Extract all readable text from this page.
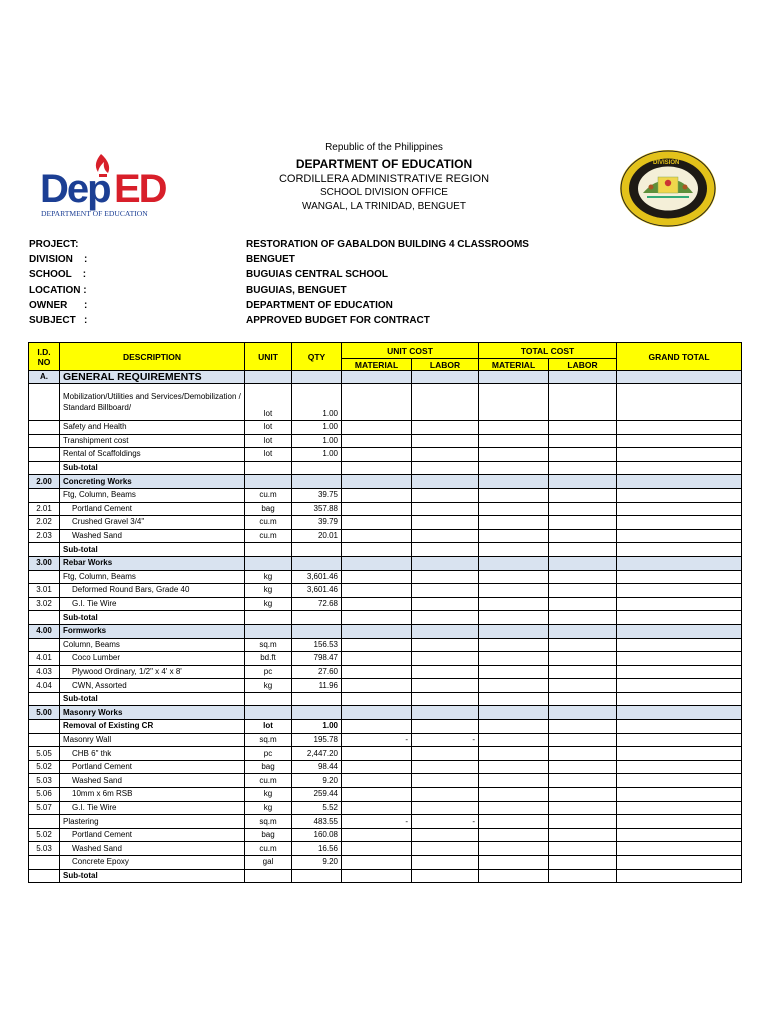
Dep ED
DEPARTMENT OF EDUCATION
DIVISION
Republic of the Philippines
DEPARTMENT OF EDUCATION
CORDILLERA ADMINISTRATIVE REGION
SCHOOL DIVISION OFFICE
WANGAL, LA TRINIDAD, BENGUET
PROJECT:	RESTORATION OF GABALDON BUILDING 4 CLASSROOMS
DIVISION    :	BENGUET
SCHOOL    :	BUGUIAS CENTRAL SCHOOL
LOCATION :	BUGUIAS, BENGUET
OWNER      :	DEPARTMENT OF EDUCATION
SUBJECT   :	APPROVED BUDGET FOR CONTRACT
I.D. NO	DESCRIPTION	UNIT	QTY	UNIT COST		TOTAL COST		GRAND TOTAL
				MATERIAL	LABOR	MATERIAL	LABOR	
A.	GENERAL REQUIREMENTS							
	Mobilization/Utilities and Services/Demobilization / Standard Billboard/	lot	1.00					
	Safety and Health	lot	1.00					
	Transhipment cost	lot	1.00					
	Rental of Scaffoldings	lot	1.00					
	Sub-total							
2.00	Concreting Works							
	Ftg, Column, Beams	cu.m	39.75					
2.01	Portland Cement	bag	357.88					
2.02	Crushed Gravel 3/4"	cu.m	39.79					
2.03	Washed Sand	cu.m	20.01					
	Sub-total							
3.00	Rebar Works							
	Ftg, Column, Beams	kg	3,601.46					
3.01	Deformed Round Bars, Grade 40	kg	3,601.46					
3.02	G.I. Tie Wire	kg	72.68					
	Sub-total							
4.00	Formworks							
	Column, Beams	sq.m	156.53					
4.01	Coco Lumber	bd.ft	798.47					
4.03	Plywood Ordinary, 1/2" x 4' x 8'	pc	27.60					
4.04	CWN, Assorted	kg	11.96					
	Sub-total							
5.00	Masonry Works							
	Removal of Existing CR	lot	1.00					
	Masonry Wall	sq.m	195.78	-	-			
5.05	CHB 6" thk	pc	2,447.20					
5.02	Portland Cement	bag	98.44					
5.03	Washed Sand	cu.m	9.20					
5.06	10mm x 6m RSB	kg	259.44					
5.07	G.I. Tie Wire	kg	5.52					
	Plastering	sq.m	483.55	-	-			
5.02	Portland Cement	bag	160.08					
5.03	Washed Sand	cu.m	16.56					
	Concrete Epoxy	gal	9.20					
	Sub-total							
